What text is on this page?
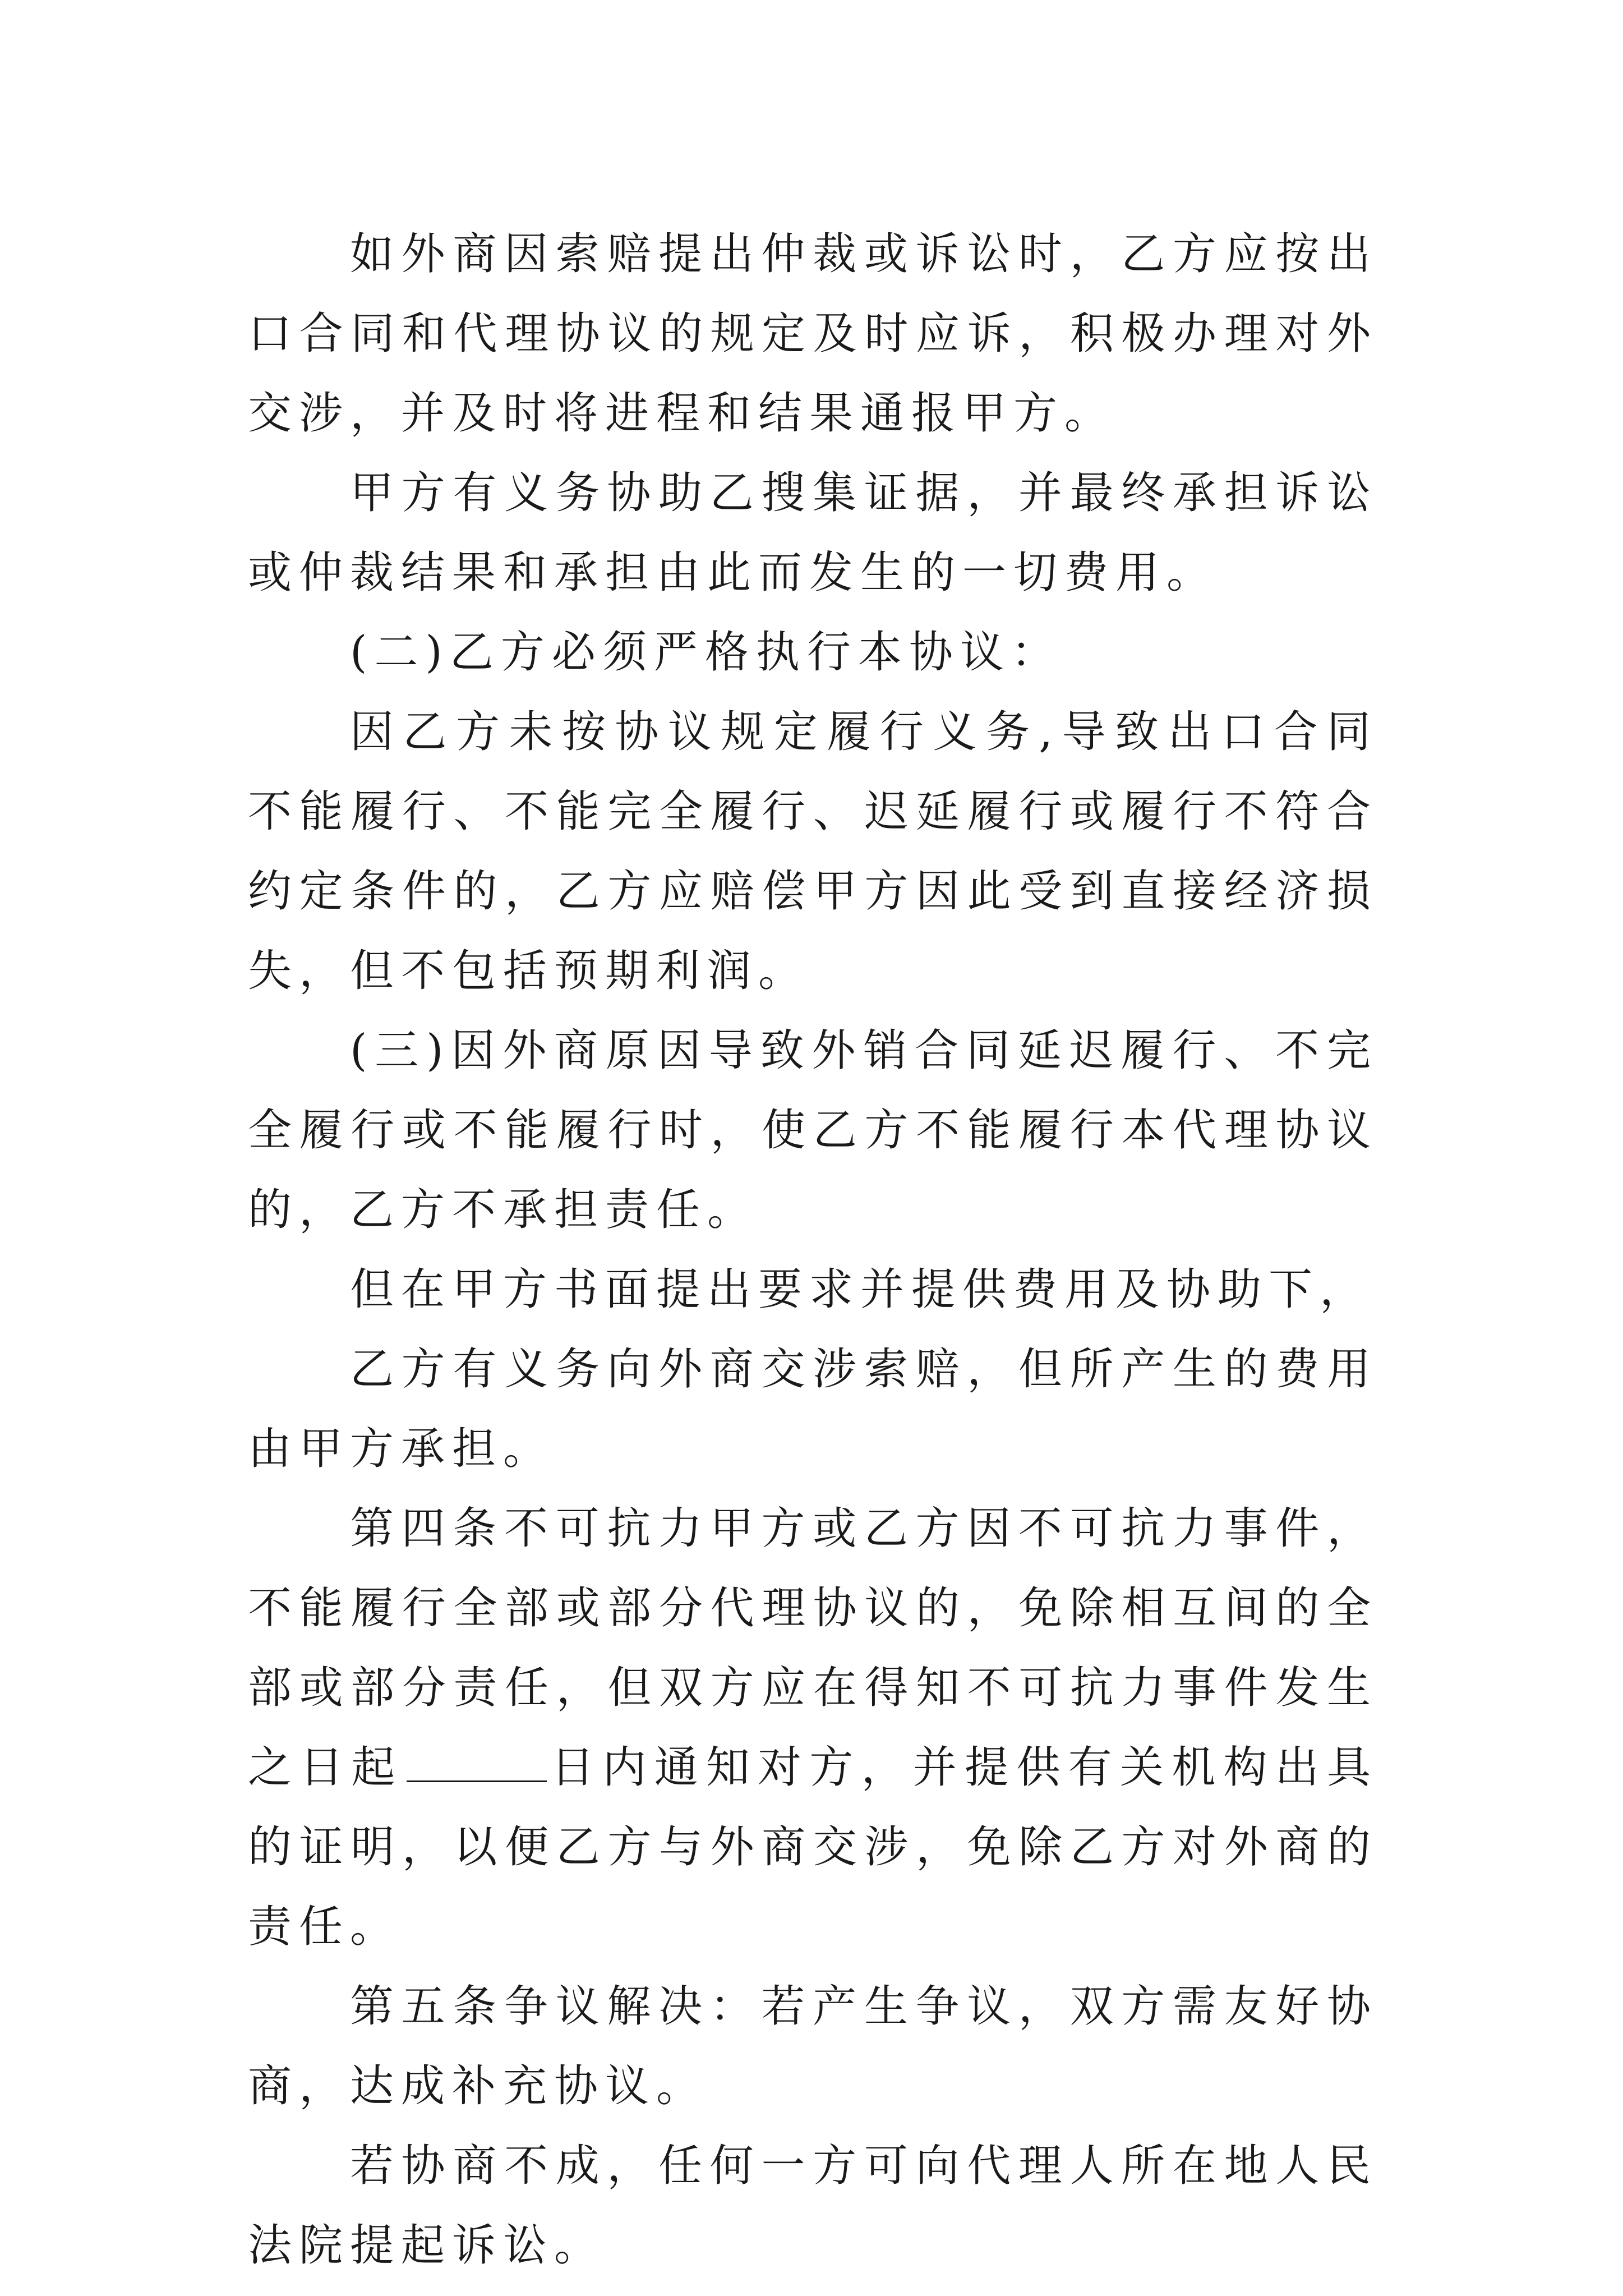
如外商因索赔提出仲裁或诉讼时，乙方应按出口合同和代理协议的规定及时应诉，积极办理对外交涉，并及时将进程和结果通报甲方。

甲方有义务协助乙搜集证据，并最终承担诉讼或仲裁结果和承担由此而发生的一切费用。

(二)乙方必须严格执行本协议：

因乙方未按协议规定履行义务,导致出口合同不能履行、不能完全履行、迟延履行或履行不符合约定条件的，乙方应赔偿甲方因此受到直接经济损失，但不包括预期利润。

(三)因外商原因导致外销合同延迟履行、不完全履行或不能履行时，使乙方不能履行本代理协议的，乙方不承担责任。

但在甲方书面提出要求并提供费用及协助下，

乙方有义务向外商交涉索赔，但所产生的费用由甲方承担。

第四条不可抗力甲方或乙方因不可抗力事件，不能履行全部或部分代理协议的，免除相互间的全部或部分责任，但双方应在得知不可抗力事件发生之日起	日内通知对方，并提供有关机构出具的证明，以便乙方与外商交涉，免除乙方对外商的责任。

第五条争议解决：若产生争议，双方需友好协商，达成补充协议。

若协商不成，任何一方可向代理人所在地人民法院提起诉讼。
